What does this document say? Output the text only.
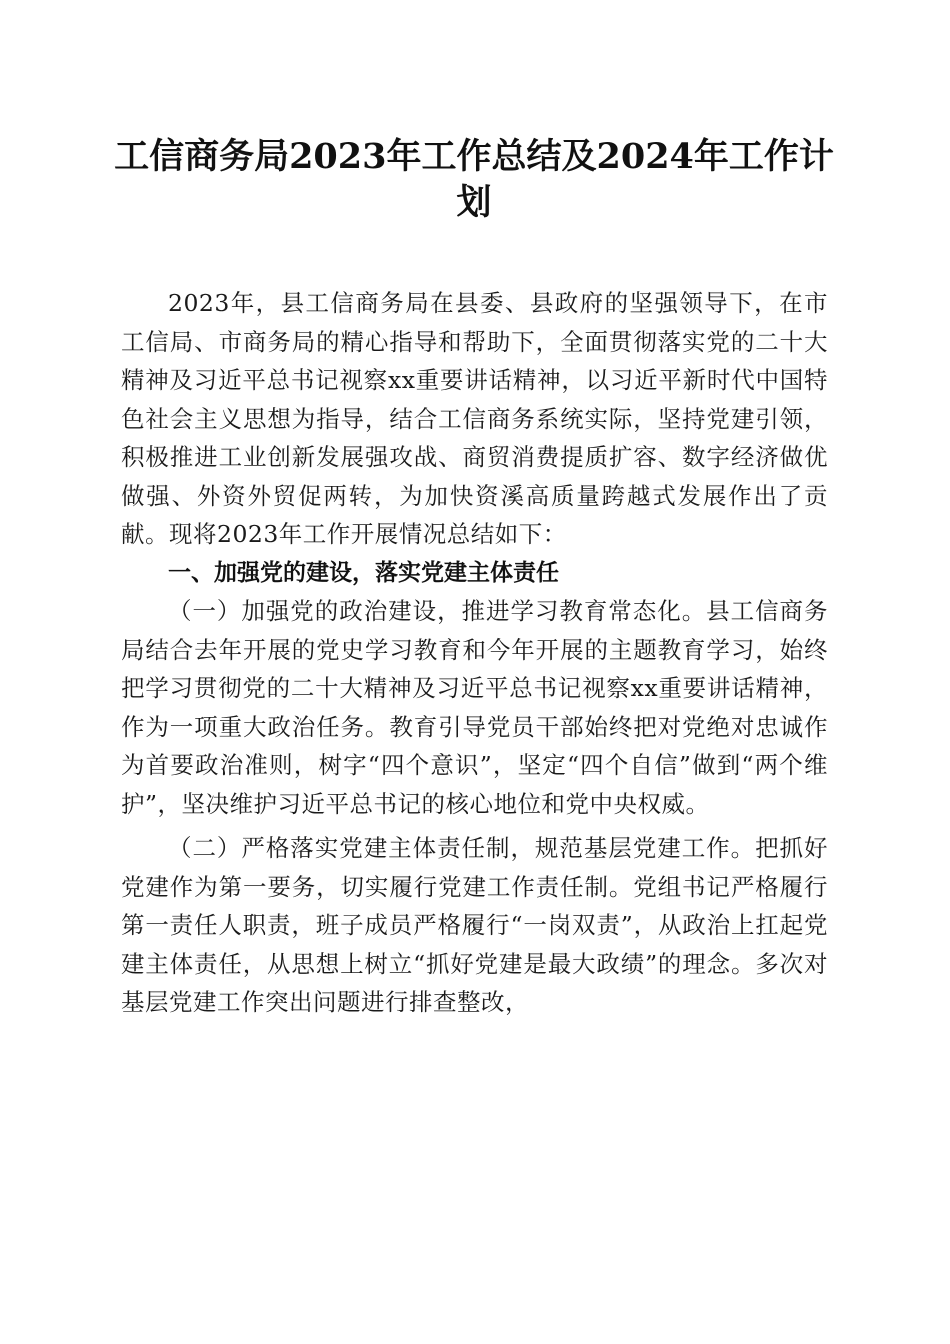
工信商务局2023年工作总结及2024年工作计划

2023年，县工信商务局在县委、县政府的坚强领导下，在市工信局、市商务局的精心指导和帮助下，全面贯彻落实党的二十大精神及习近平总书记视察xx重要讲话精神，以习近平新时代中国特色社会主义思想为指导，结合工信商务系统实际，坚持党建引领，积极推进工业创新发展强攻战、商贸消费提质扩容、数字经济做优做强、外资外贸促两转，为加快资溪高质量跨越式发展作出了贡献。现将2023年工作开展情况总结如下：

一、加强党的建设，落实党建主体责任

（一）加强党的政治建设，推进学习教育常态化。县工信商务局结合去年开展的党史学习教育和今年开展的主题教育学习，始终把学习贯彻党的二十大精神及习近平总书记视察xx重要讲话精神，作为一项重大政治任务。教育引导党员干部始终把对党绝对忠诚作为首要政治准则，树字“四个意识”，坚定“四个自信”做到“两个维护”，坚决维护习近平总书记的核心地位和党中央权威。

（二）严格落实党建主体责任制，规范基层党建工作。把抓好党建作为第一要务，切实履行党建工作责任制。党组书记严格履行第一责任人职责，班子成员严格履行“一岗双责”，从政治上扛起党建主体责任，从思想上树立“抓好党建是最大政绩”的理念。多次对基层党建工作突出问题进行排查整改，
